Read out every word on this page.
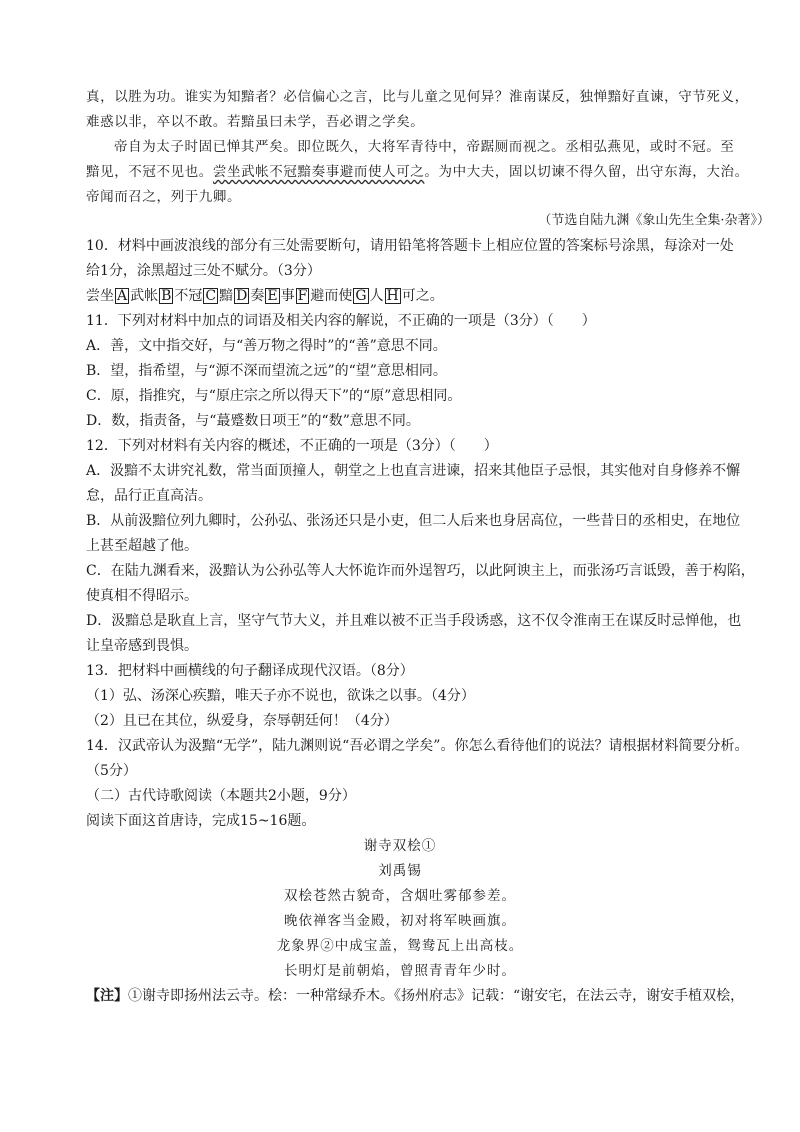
真，以胜为功。谁实为知黯者？必信偏心之言，比与儿童之见何异？淮南谋反，独惮黯好直谏，守节死义，
难惑以非，卒以不敢。若黯虽曰未学，吾必谓之学矣。
帝自为太子时固已惮其严矣。即位既久，大将军青待中，帝踞厕而视之。丞相弘燕见，或时不冠。至
黯见，不冠不见也。尝坐武帐不冠黯奏事避而使人可之。为中大夫，固以切谏不得久留，出守东海，大治。
帝闻而召之，列于九卿。
（节选自陆九渊《象山先生全集·杂著》）
10．材料中画波浪线的部分有三处需要断句，请用铅笔将答题卡上相应位置的答案标号涂黑，每涂对一处
给1分，涂黑超过三处不赋分。（3分）
尝坐 A 武帐 B 不冠 C 黯 D 奏 E 事 F 避而使 G 人 H 可之。
11．下列对材料中加点的词语及相关内容的解说，不正确的一项是（3分）（　　）
A．善，文中指交好，与“善万物之得时”的“善”意思不同。
B．望，指希望，与“源不深而望流之远”的“望”意思相同。
C．原，指推究，与“原庄宗之所以得天下”的“原”意思相同。
D．数，指责备，与“蕞蹙数日项王”的“数”意思不同。
12．下列对材料有关内容的概述，不正确的一项是（3分）（　　）
A．汲黯不太讲究礼数，常当面顶撞人，朝堂之上也直言进谏，招来其他臣子忌恨，其实他对自身修养不懈
怠，品行正直高洁。
B．从前汲黯位列九卿时，公孙弘、张汤还只是小吏，但二人后来也身居高位，一些昔日的丞相史，在地位
上甚至超越了他。
C．在陆九渊看来，汲黯认为公孙弘等人大怀诡诈而外逞智巧，以此阿谀主上，而张汤巧言诋毁，善于构陷，
使真相不得昭示。
D．汲黯总是耿直上言，坚守气节大义，并且难以被不正当手段诱惑，这不仅令淮南王在谋反时忌惮他，也
让皇帝感到畏惧。
13．把材料中画横线的句子翻译成现代汉语。（8分）
（1）弘、汤深心疾黯，唯天子亦不说也，欲诛之以事。（4分）
（2）且已在其位，纵爱身，奈辱朝廷何！（4分）
14．汉武帝认为汲黯“无学”，陆九渊则说“吾必谓之学矣”。你怎么看待他们的说法？请根据材料简要分析。
（5分）
（二）古代诗歌阅读（本题共2小题，9分）
阅读下面这首唐诗，完成15~16题。
谢寺双桧①
刘禹锡
双桧苍然古貌奇，含烟吐雾郁参差。
晚依禅客当金殿，初对将军映画旗。
龙象界②中成宝盖，鸳鸯瓦上出高枝。
长明灯是前朝焰，曾照青青年少时。
【注】①谢寺即扬州法云寺。桧：一种常绿乔木。《扬州府志》记载：“谢安宅，在法云寺，谢安手植双桧，
